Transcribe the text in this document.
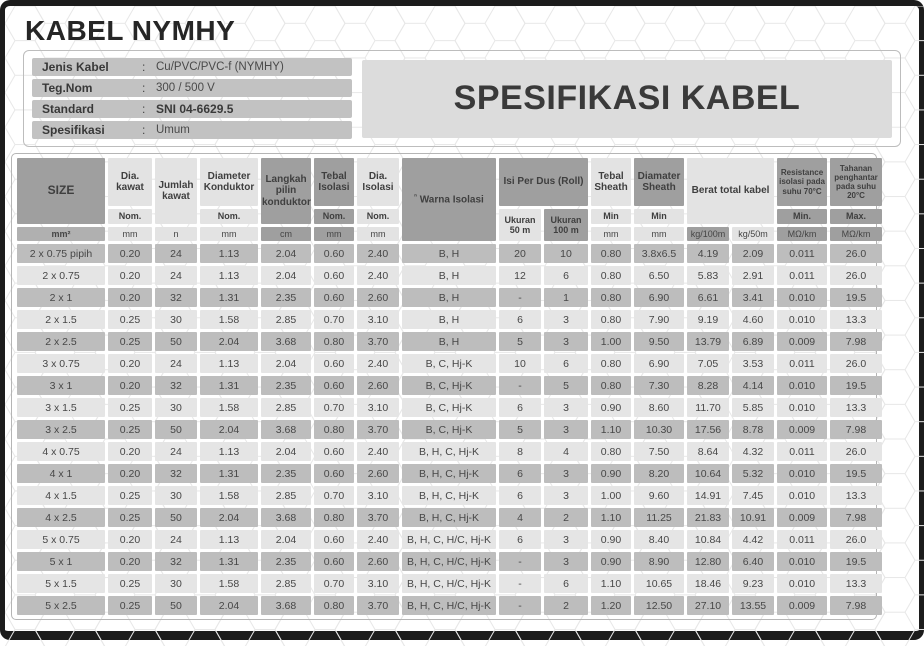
KABEL NYMHY
Jenis Kabel	: Cu/PVC/PVC-f (NYMHY)
Teg.Nom	: 300 / 500 V
Standard	: SNI 04-6629.5
Spesifikasi	: Umum
SPESIFIKASI KABEL
SIZE	Dia. kawat	Jumlah kawat	Diameter Konduktor	Langkah pilin konduktor	Tebal Isolasi	Dia. Isolasi	$^{^n}$ Warna Isolasi	Isi Per Dus (Roll)		Tebal Sheath	Diamater Sheath	Berat total kabel		Resistance isolasi pada suhu 70°C	Tahanan penghantar pada suhu 20°C
	Nom.		Nom.		Nom.	Nom.		Ukuran 50 m	Ukuran 100 m	Min	Min			Min.	Max.
mm²	mm	n	mm	cm	mm	mm				mm	mm	kg/100m	kg/50m	MΩ/km	MΩ/km
2 x 0.75 pipih	0.20	24	1.13	2.04	0.60	2.40	B, H	20	10	0.80	3.8x6.5	4.19	2.09	0.011	26.0
2 x 0.75	0.20	24	1.13	2.04	0.60	2.40	B, H	12	6	0.80	6.50	5.83	2.91	0.011	26.0
2 x 1	0.20	32	1.31	2.35	0.60	2.60	B, H	-	1	0.80	6.90	6.61	3.41	0.010	19.5
2 x 1.5	0.25	30	1.58	2.85	0.70	3.10	B, H	6	3	0.80	7.90	9.19	4.60	0.010	13.3
2 x 2.5	0.25	50	2.04	3.68	0.80	3.70	B, H	5	3	1.00	9.50	13.79	6.89	0.009	7.98
3 x 0.75	0.20	24	1.13	2.04	0.60	2.40	B, C, Hj-K	10	6	0.80	6.90	7.05	3.53	0.011	26.0
3 x 1	0.20	32	1.31	2.35	0.60	2.60	B, C, Hj-K	-	5	0.80	7.30	8.28	4.14	0.010	19.5
3 x 1.5	0.25	30	1.58	2.85	0.70	3.10	B, C, Hj-K	6	3	0.90	8.60	11.70	5.85	0.010	13.3
3 x 2.5	0.25	50	2.04	3.68	0.80	3.70	B, C, Hj-K	5	3	1.10	10.30	17.56	8.78	0.009	7.98
4 x 0.75	0.20	24	1.13	2.04	0.60	2.40	B, H, C, Hj-K	8	4	0.80	7.50	8.64	4.32	0.011	26.0
4 x 1	0.20	32	1.31	2.35	0.60	2.60	B, H, C, Hj-K	6	3	0.90	8.20	10.64	5.32	0.010	19.5
4 x 1.5	0.25	30	1.58	2.85	0.70	3.10	B, H, C, Hj-K	6	3	1.00	9.60	14.91	7.45	0.010	13.3
4 x 2.5	0.25	50	2.04	3.68	0.80	3.70	B, H, C, Hj-K	4	2	1.10	11.25	21.83	10.91	0.009	7.98
5 x 0.75	0.20	24	1.13	2.04	0.60	2.40	B, H, C, H/C, Hj-K	6	3	0.90	8.40	10.84	4.42	0.011	26.0
5 x 1	0.20	32	1.31	2.35	0.60	2.60	B, H, C, H/C, Hj-K	-	3	0.90	8.90	12.80	6.40	0.010	19.5
5 x 1.5	0.25	30	1.58	2.85	0.70	3.10	B, H, C, H/C, Hj-K	-	6	1.10	10.65	18.46	9.23	0.010	13.3
5 x 2.5	0.25	50	2.04	3.68	0.80	3.70	B, H, C, H/C, Hj-K	-	2	1.20	12.50	27.10	13.55	0.009	7.98
